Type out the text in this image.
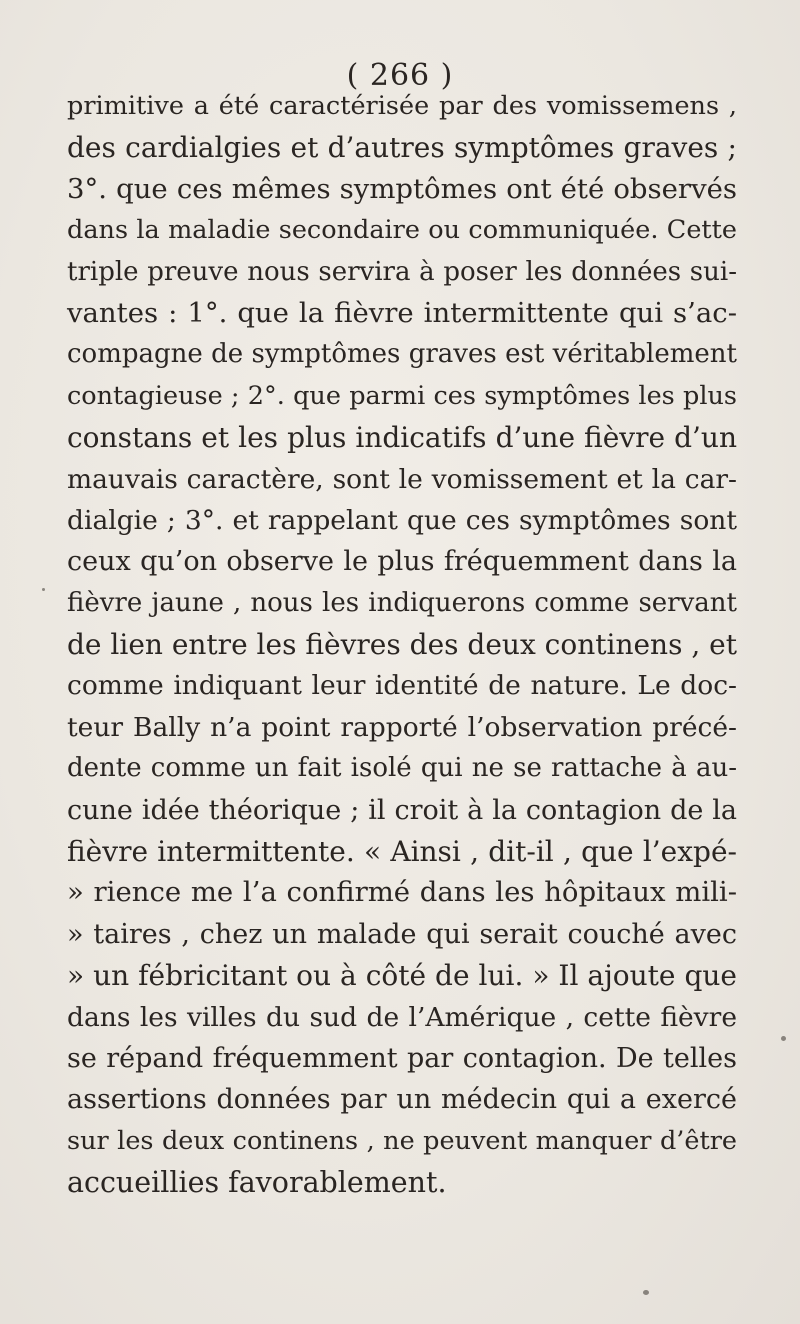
( 266 )
primitive a été caractérisée par des vomissemens ,
des cardialgies et d’autres symptômes graves ;
3°. que ces mêmes symptômes ont été observés
dans la maladie secondaire ou communiquée. Cette
triple preuve nous servira à poser les données sui-
vantes : 1°. que la fièvre intermittente qui s’ac-
compagne de symptômes graves est véritablement
contagieuse ; 2°. que parmi ces symptômes les plus
constans et les plus indicatifs d’une fièvre d’un
mauvais caractère, sont le vomissement et la car-
dialgie ; 3°. et rappelant que ces symptômes sont
ceux qu’on observe le plus fréquemment dans la
fièvre jaune , nous les indiquerons comme servant
de lien entre les fièvres des deux continens , et
comme indiquant leur identité de nature. Le doc-
teur Bally n’a point rapporté l’observation précé-
dente comme un fait isolé qui ne se rattache à au-
cune idée théorique ; il croit à la contagion de la
fièvre intermittente. « Ainsi , dit-il , que l’expé-
» rience me l’a confirmé dans les hôpitaux mili-
» taires , chez un malade qui serait couché avec
» un fébricitant ou à côté de lui. » Il ajoute que
dans les villes du sud de l’Amérique , cette fièvre
se répand fréquemment par contagion. De telles
assertions données par un médecin qui a exercé
sur les deux continens , ne peuvent manquer d’être
accueillies favorablement.
